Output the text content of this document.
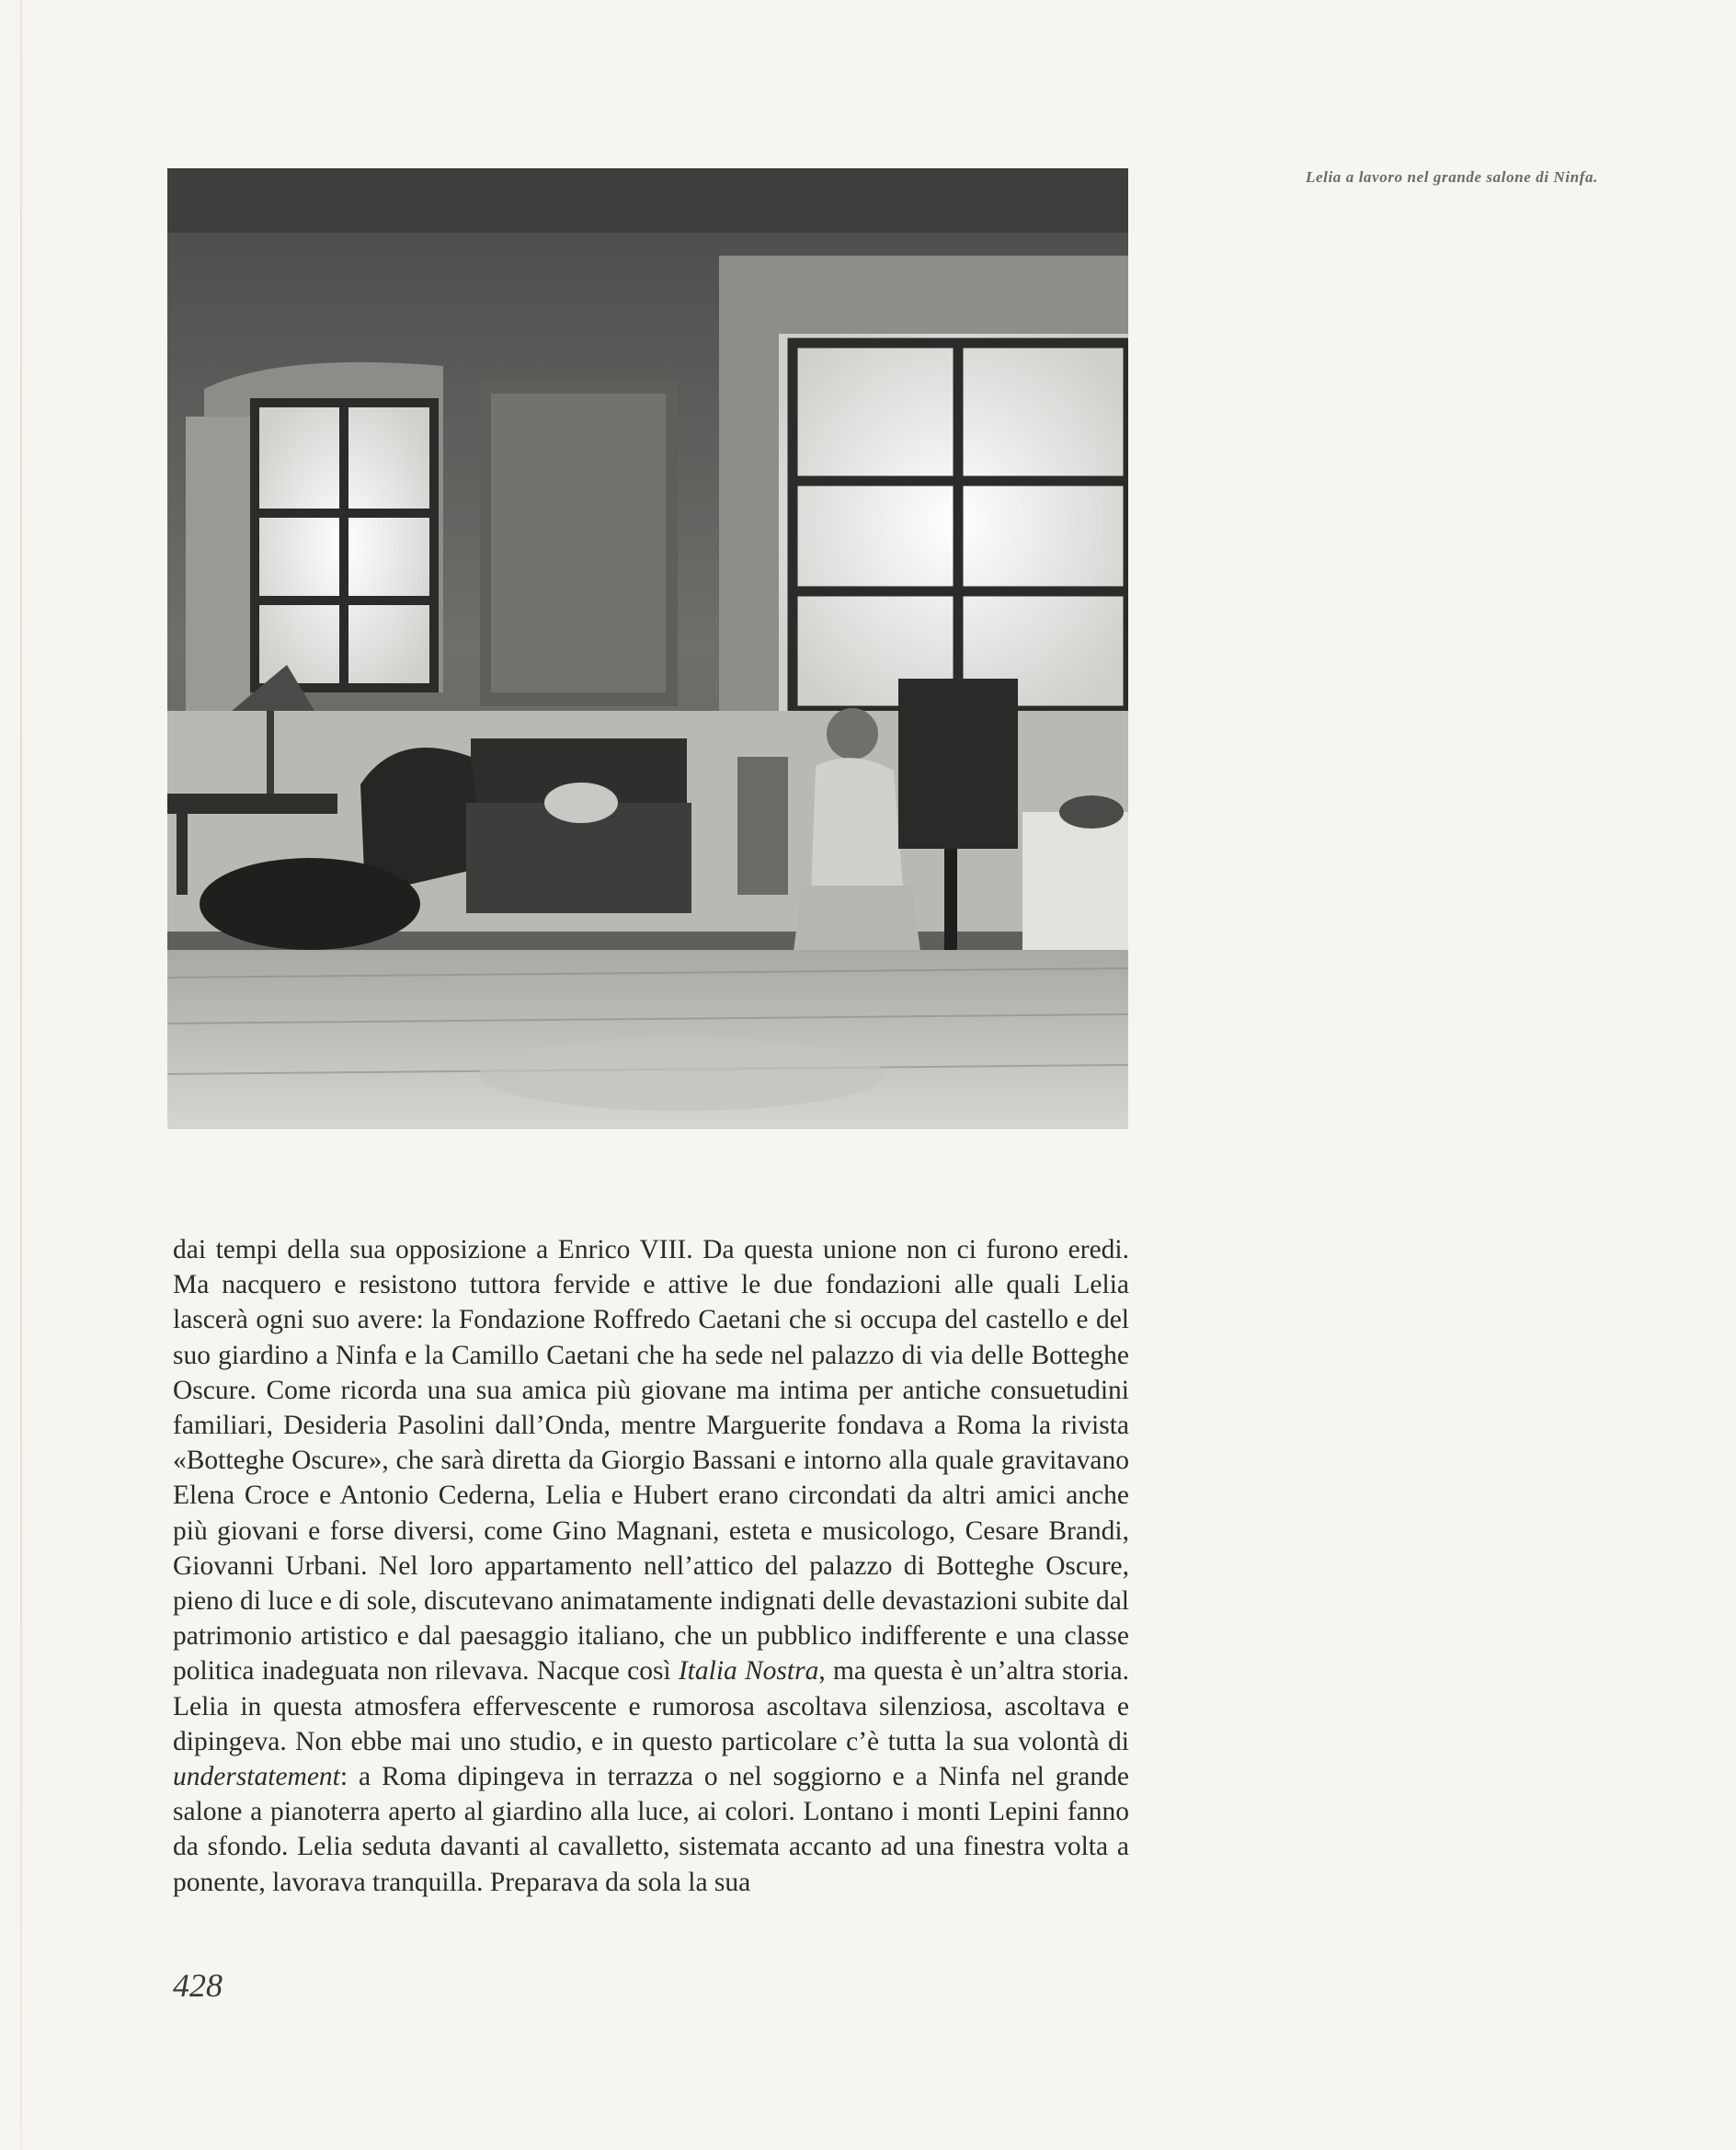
Lelia a lavoro nel grande salone di Ninfa.

dai tempi della sua opposizione a Enrico VIII. Da questa unione non ci furono eredi. Ma nacquero e resistono tuttora fervide e attive le due fondazioni alle quali Lelia lascerà ogni suo avere: la Fondazione Roffredo Caetani che si occupa del castello e del suo giardino a Ninfa e la Camillo Caetani che ha sede nel palazzo di via delle Botteghe Oscure. Come ricorda una sua amica più giovane ma intima per antiche consuetudini familiari, Desideria Pasolini dall’Onda, mentre Marguerite fondava a Roma la rivista «Botteghe Oscure», che sarà diretta da Giorgio Bassani e intorno alla quale gravitavano Elena Croce e Antonio Cederna, Lelia e Hubert erano circondati da altri amici anche più giovani e forse diversi, come Gino Magnani, esteta e musicologo, Cesare Brandi, Giovanni Urbani. Nel loro appartamento nell’attico del palazzo di Botteghe Oscure, pieno di luce e di sole, discutevano animatamente indignati delle devastazioni subite dal patrimonio artistico e dal paesaggio italiano, che un pubblico indifferente e una classe politica inadeguata non rilevava. Nacque così Italia Nostra, ma questa è un’altra storia. Lelia in questa atmosfera effervescente e rumorosa ascoltava silenziosa, ascoltava e dipingeva. Non ebbe mai uno studio, e in questo particolare c’è tutta la sua volontà di understatement: a Roma dipingeva in terrazza o nel soggiorno e a Ninfa nel grande salone a pianoterra aperto al giardino alla luce, ai colori. Lontano i monti Lepini fanno da sfondo. Lelia seduta davanti al cavalletto, sistemata accanto ad una finestra volta a ponente, lavorava tranquilla. Preparava da sola la sua

428
